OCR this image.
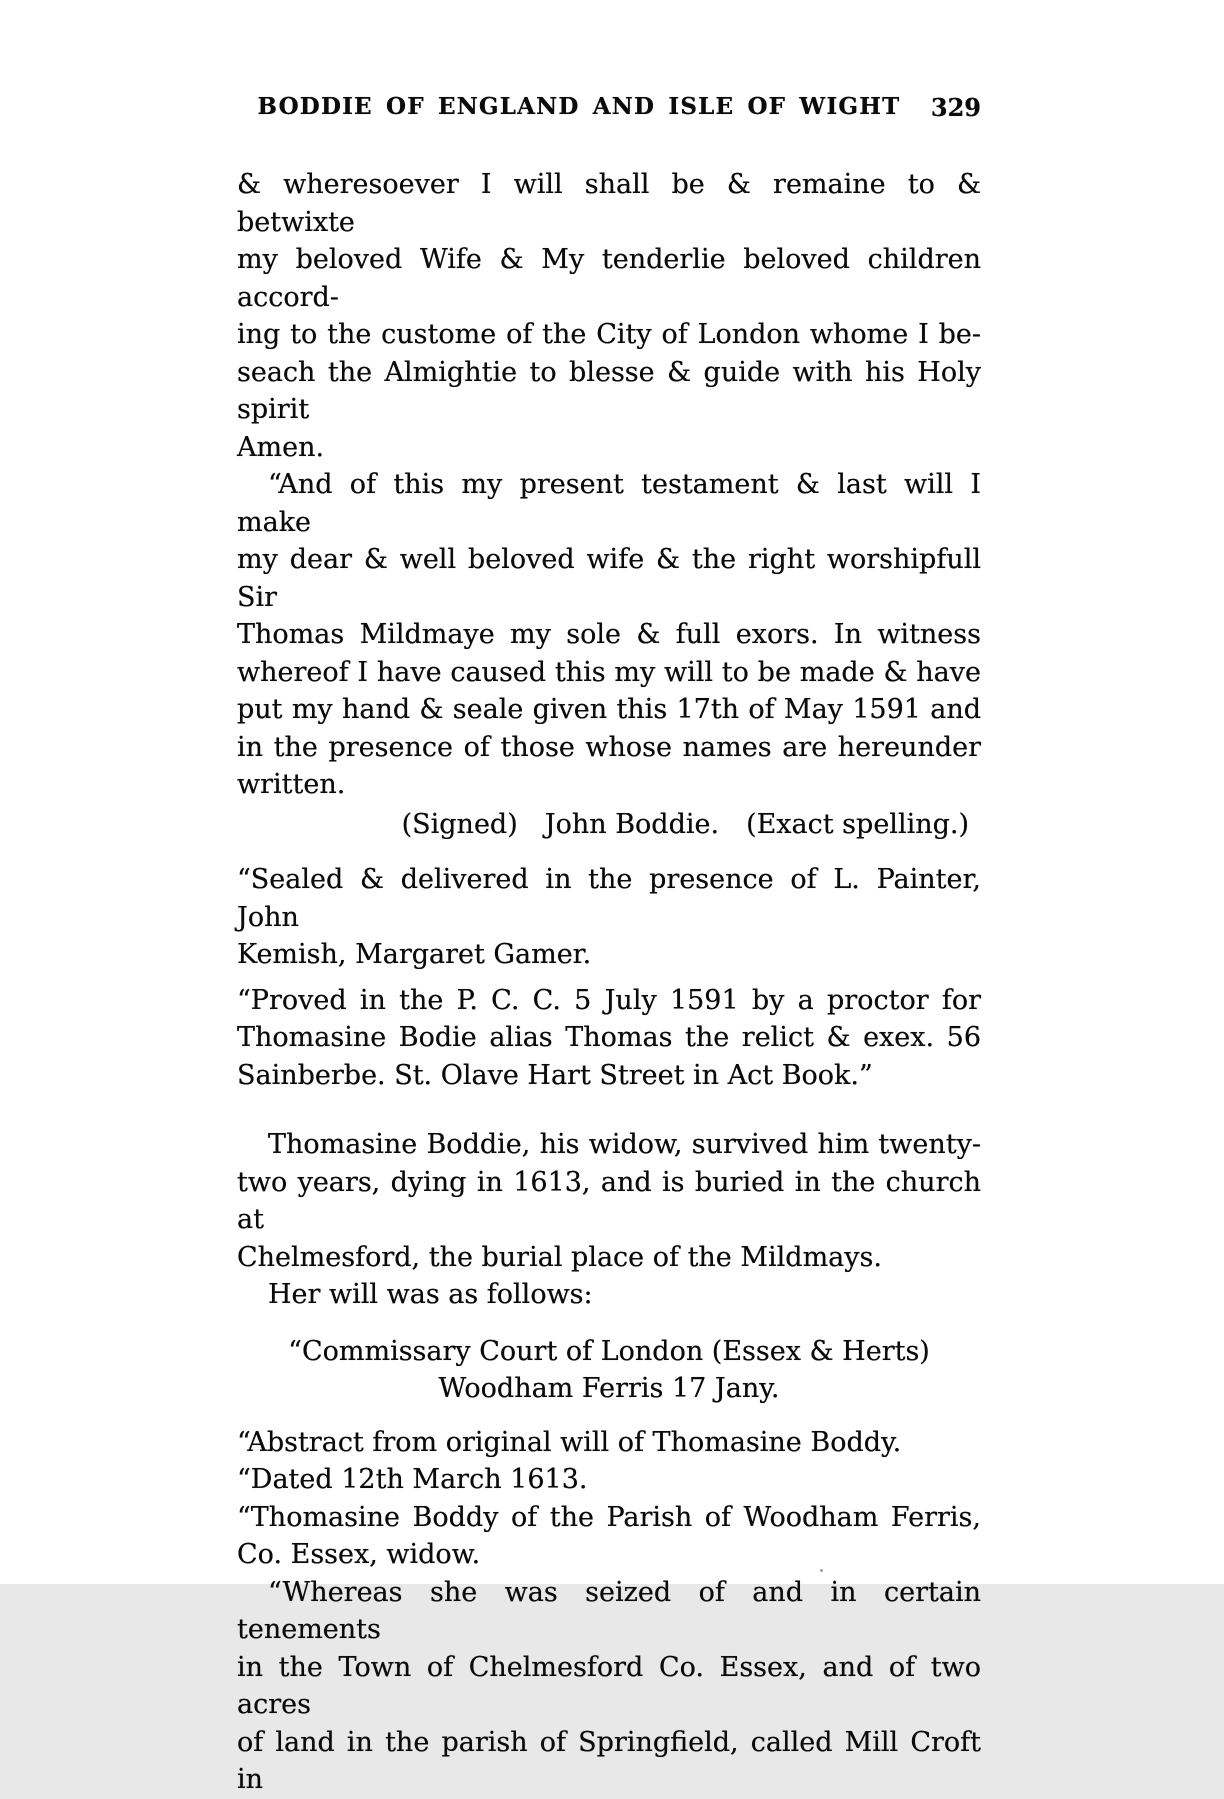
BODDIE OF ENGLAND AND ISLE OF WIGHT	329
& wheresoever I will shall be & remaine to & betwixte
my beloved Wife & My tenderlie beloved children accord-
ing to the custome of the City of London whome I be-
seach the Almightie to blesse & guide with his Holy spirit
Amen.
“And of this my present testament & last will I make
my dear & well beloved wife & the right worshipfull Sir
Thomas Mildmaye my sole & full exors. In witness
whereof I have caused this my will to be made & have
put my hand & seale given this 17th of May 1591 and
in the presence of those whose names are hereunder
written.
(Signed) John Boddie. (Exact spelling.)
“Sealed & delivered in the presence of L. Painter, John
Kemish, Margaret Gamer.
“Proved in the P. C. C. 5 July 1591 by a proctor for
Thomasine Bodie alias Thomas the relict & exex. 56
Sainberbe. St. Olave Hart Street in Act Book.”
Thomasine Boddie, his widow, survived him twenty-
two years, dying in 1613, and is buried in the church at
Chelmesford, the burial place of the Mildmays.
Her will was as follows:
“Commissary Court of London (Essex & Herts)
Woodham Ferris 17 Jany.
“Abstract from original will of Thomasine Boddy.
“Dated 12th March 1613.
“Thomasine Boddy of the Parish of Woodham Ferris,
Co. Essex, widow.
“Whereas she was seized of and in certain tenements
in the Town of Chelmesford Co. Essex, and of two acres
of land in the parish of Springfield, called Mill Croft in
